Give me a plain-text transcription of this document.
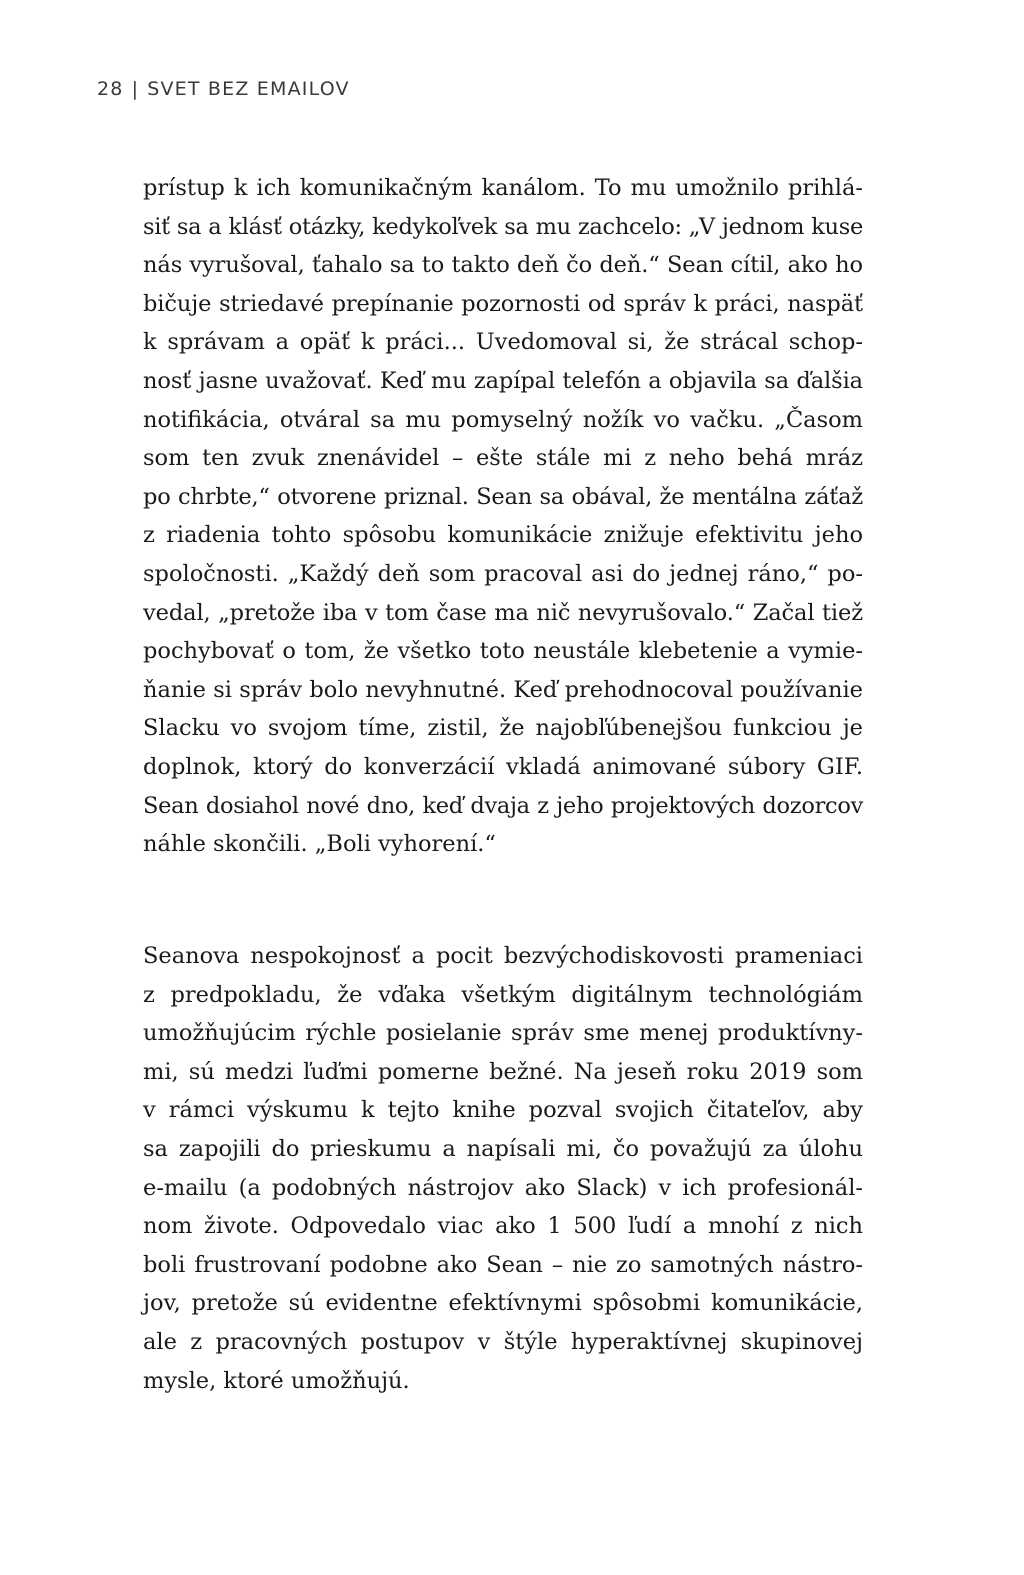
28 | SVET BEZ EMAILOV
prístup k ich komunikačným kanálom. To mu umožnilo prihlá-
siť sa a klásť otázky, kedykoľvek sa mu zachcelo: „V jednom kuse
nás vyrušoval, ťahalo sa to takto deň čo deň.“ Sean cítil, ako ho
bičuje striedavé prepínanie pozornosti od správ k práci, naspäť
k správam a opäť k práci... Uvedomoval si, že strácal schop-
nosť jasne uvažovať. Keď mu zapípal telefón a objavila sa ďalšia
notifikácia, otváral sa mu pomyselný nožík vo vačku. „Časom
som ten zvuk znenávidel – ešte stále mi z neho behá mráz
po chrbte,“ otvorene priznal. Sean sa obával, že mentálna záťaž
z riadenia tohto spôsobu komunikácie znižuje efektivitu jeho
spoločnosti. „Každý deň som pracoval asi do jednej ráno,“ po-
vedal, „pretože iba v tom čase ma nič nevyrušovalo.“ Začal tiež
pochybovať o tom, že všetko toto neustále klebetenie a vymie-
ňanie si správ bolo nevyhnutné. Keď prehodnocoval používanie
Slacku vo svojom tíme, zistil, že najobľúbenejšou funkciou je
doplnok, ktorý do konverzácií vkladá animované súbory GIF.
Sean dosiahol nové dno, keď dvaja z jeho projektových dozorcov
náhle skončili. „Boli vyhorení.“
Seanova nespokojnosť a pocit bezvýchodiskovosti prameniaci
z predpokladu, že vďaka všetkým digitálnym technológiám
umožňujúcim rýchle posielanie správ sme menej produktívny-
mi, sú medzi ľuďmi pomerne bežné. Na jeseň roku 2019 som
v rámci výskumu k tejto knihe pozval svojich čitateľov, aby
sa zapojili do prieskumu a napísali mi, čo považujú za úlohu
e-mailu (a podobných nástrojov ako Slack) v ich profesionál-
nom živote. Odpovedalo viac ako 1 500 ľudí a mnohí z nich
boli frustrovaní podobne ako Sean – nie zo samotných nástro-
jov, pretože sú evidentne efektívnymi spôsobmi komunikácie,
ale z pracovných postupov v štýle hyperaktívnej skupinovej
mysle, ktoré umožňujú.
